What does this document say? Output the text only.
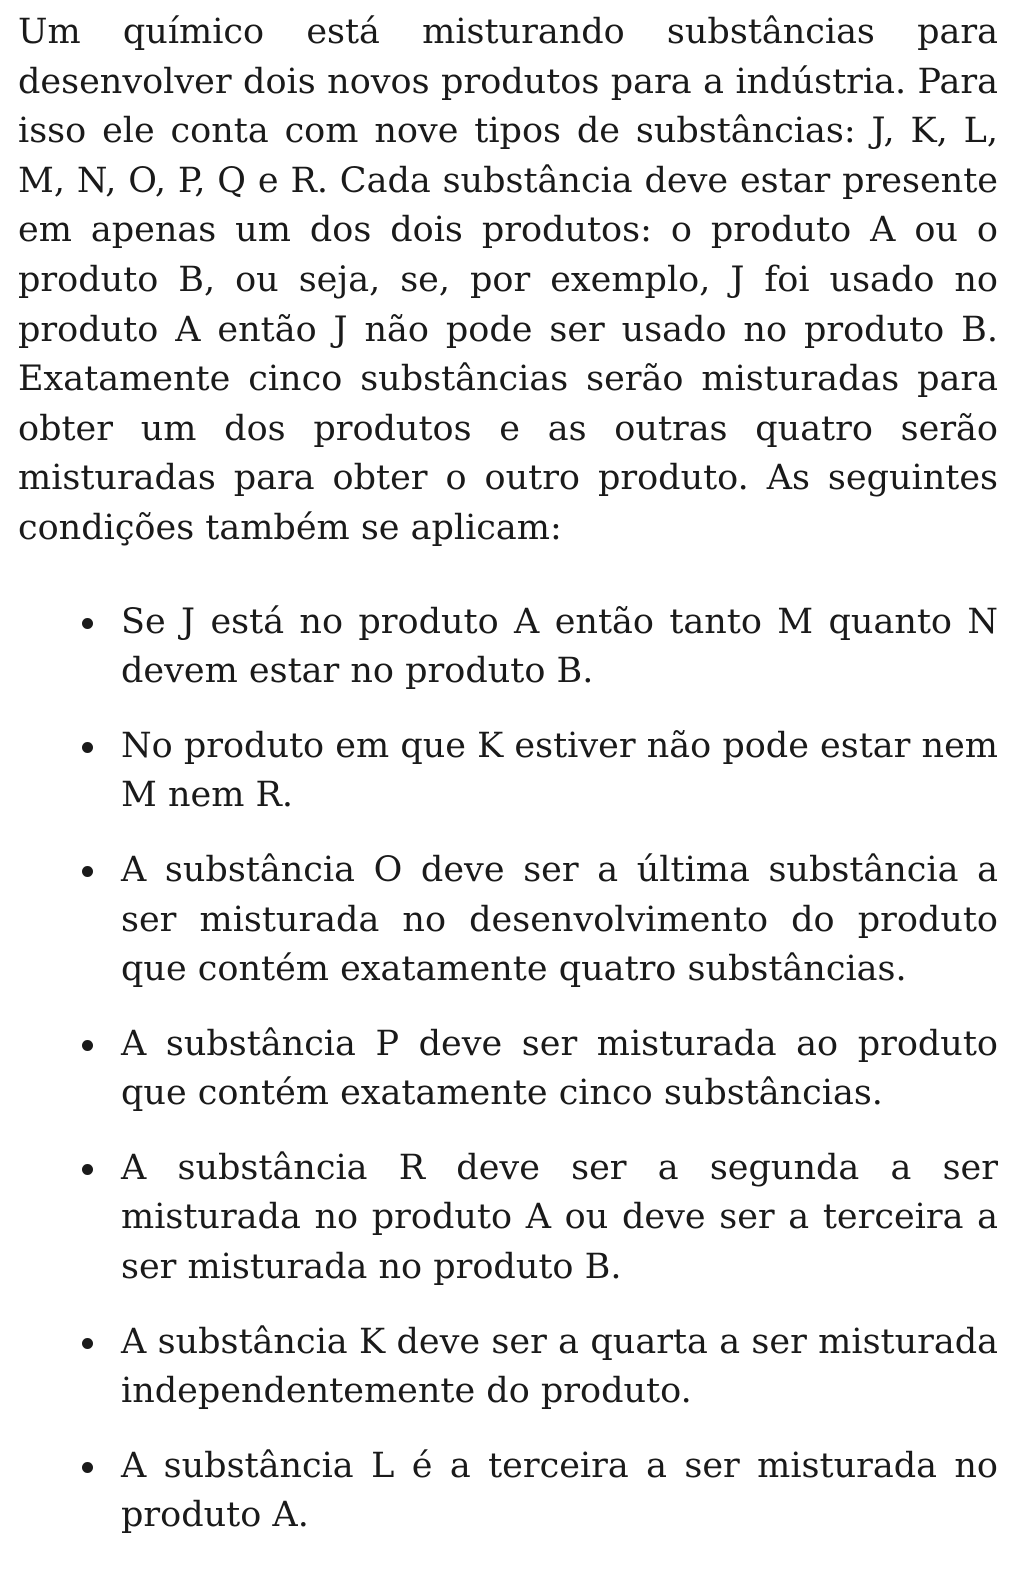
Um químico está misturando substâncias para desenvolver dois novos produtos para a indústria. Para isso ele conta com nove tipos de substâncias: J, K, L, M, N, O, P, Q e R. Cada substância deve estar presente em apenas um dos dois produtos: o produto A ou o produto B, ou seja, se, por exemplo, J foi usado no produto A então J não pode ser usado no produto B. Exatamente cinco substâncias serão misturadas para obter um dos produtos e as outras quatro serão misturadas para obter o outro produto. As seguintes condições também se aplicam:

Se J está no produto A então tanto M quanto N devem estar no produto B.
No produto em que K estiver não pode estar nem M nem R.
A substância O deve ser a última substância a ser misturada no desenvolvimento do produto que contém exatamente quatro substâncias.
A substância P deve ser misturada ao produto que contém exatamente cinco substâncias.
A substância R deve ser a segunda a ser misturada no produto A ou deve ser a terceira a ser misturada no produto B.
A substância K deve ser a quarta a ser misturada independentemente do produto.
A substância L é a terceira a ser misturada no produto A.
